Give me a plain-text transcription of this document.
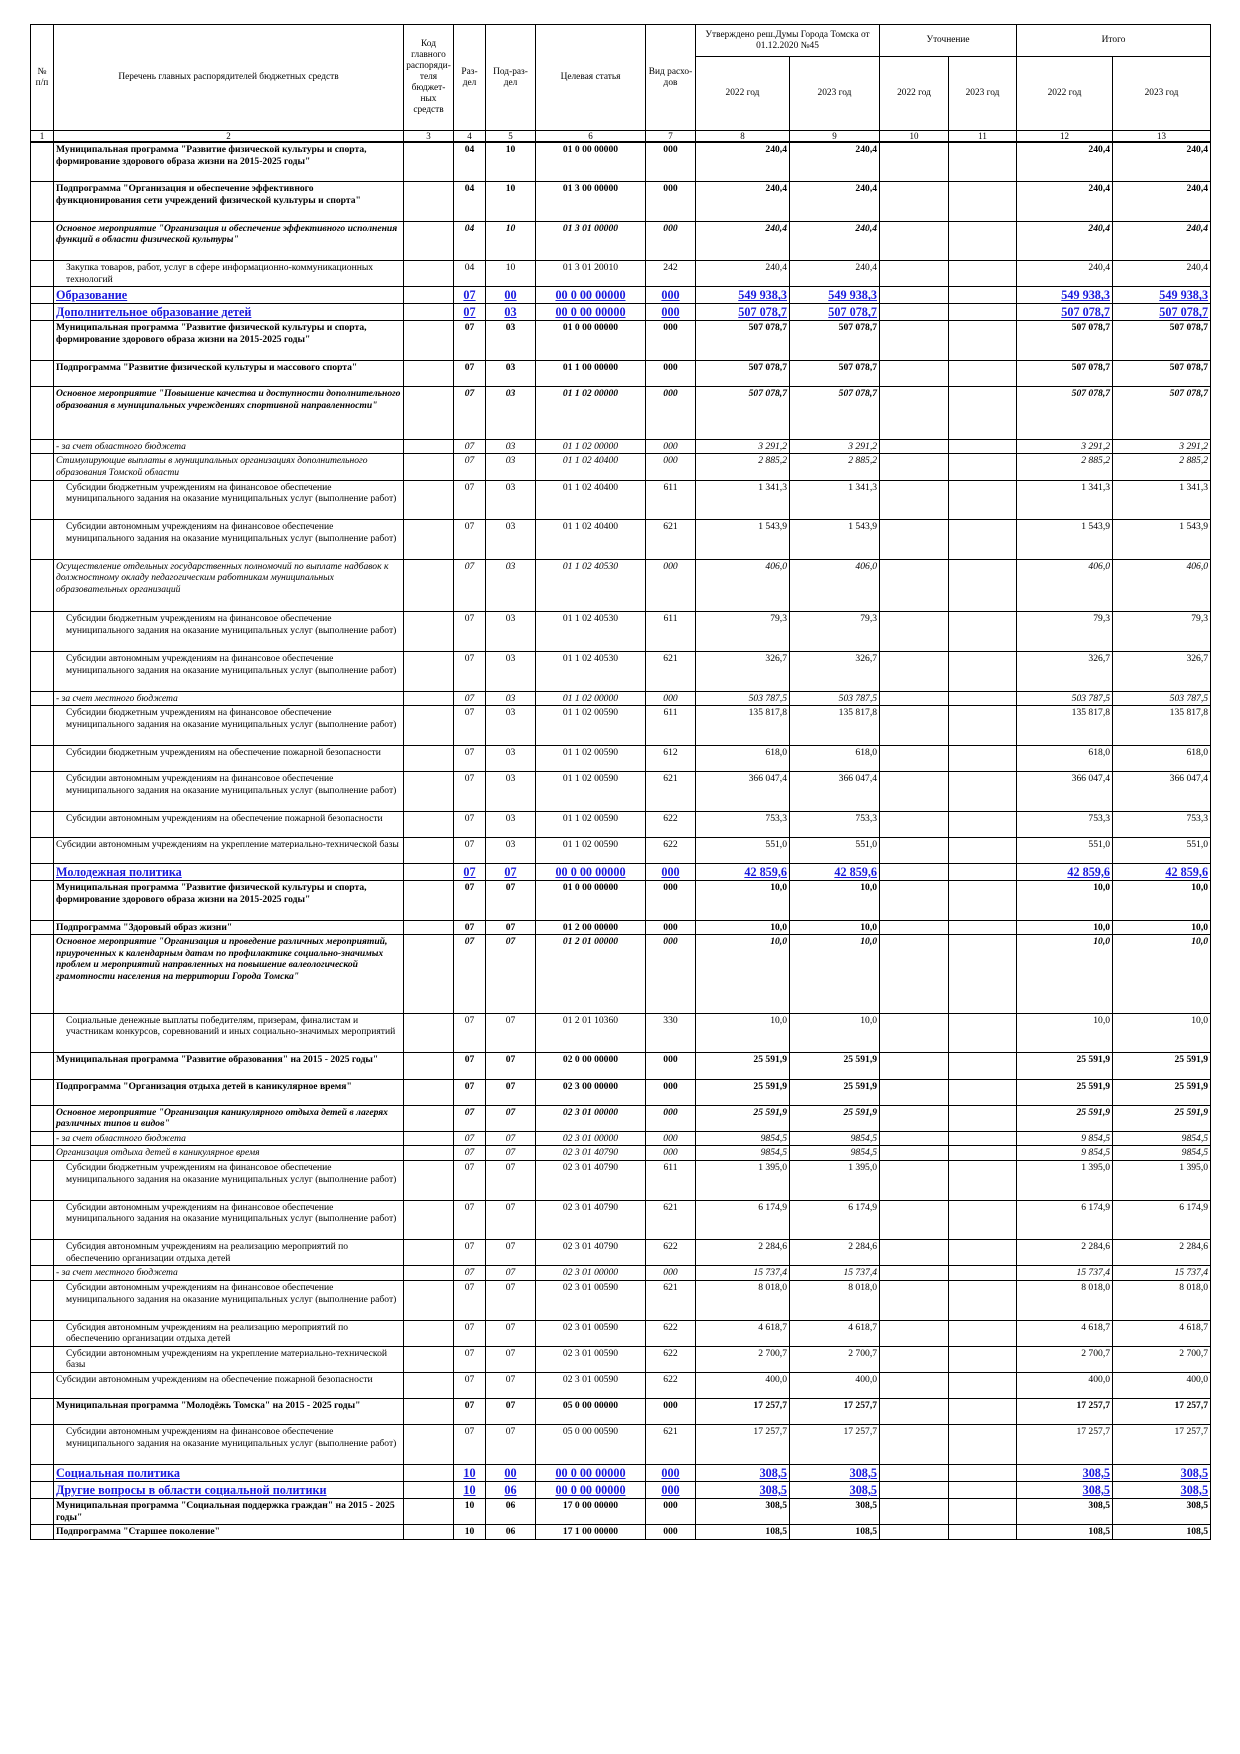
№ п/п	Перечень главных распорядителей бюджетных средств	Код главного распоряди-теля бюджет-ных средств	Раз-дел	Под-раз-дел	Целевая статья	Вид расхо-дов	Утверждено реш.Думы Города Томска от 01.12.2020 №45		Уточнение		Итого	
							2022 год	2023 год	2022 год	2023 год	2022 год	2023 год
1	2	3	4	5	6	7	8	9	10	11	12	13
	Муниципальная программа "Развитие физической культуры и спорта, формирование здорового образа жизни на 2015-2025 годы"		04	10	01 0 00 00000	000	240,4	240,4			240,4	240,4
	Подпрограмма "Организация и обеспечение эффективного функционирования сети учреждений физической культуры и спорта"		04	10	01 3 00 00000	000	240,4	240,4			240,4	240,4
	Основное мероприятие "Организация и обеспечение эффективного исполнения функций в области физической культуры"		04	10	01 3 01 00000	000	240,4	240,4			240,4	240,4
	Закупка товаров, работ, услуг в сфере информационно-коммуникационных технологий		04	10	01 3 01 20010	242	240,4	240,4			240,4	240,4
	Образование		07	00	00 0 00 00000	000	549 938,3	549 938,3			549 938,3	549 938,3
	Дополнительное образование детей		07	03	00 0 00 00000	000	507 078,7	507 078,7			507 078,7	507 078,7
	Муниципальная программа "Развитие физической культуры и спорта, формирование здорового образа жизни на 2015-2025 годы"		07	03	01 0 00 00000	000	507 078,7	507 078,7			507 078,7	507 078,7
	Подпрограмма "Развитие физической культуры и массового спорта"		07	03	01 1 00 00000	000	507 078,7	507 078,7			507 078,7	507 078,7
	Основное мероприятие "Повышение качества и доступности дополнительного образования в муниципальных учреждениях спортивной направленности"		07	03	01 1 02 00000	000	507 078,7	507 078,7			507 078,7	507 078,7
	- за счет областного бюджета		07	03	01 1 02 00000	000	3 291,2	3 291,2			3 291,2	3 291,2
	Стимулирующие выплаты в муниципальных организациях дополнительного образования Томской области		07	03	01 1 02 40400	000	2 885,2	2 885,2			2 885,2	2 885,2
	Субсидии бюджетным учреждениям на финансовое обеспечение муниципального задания на оказание муниципальных услуг (выполнение работ)		07	03	01 1 02 40400	611	1 341,3	1 341,3			1 341,3	1 341,3
	Субсидии автономным учреждениям на финансовое обеспечение муниципального задания на оказание муниципальных услуг (выполнение работ)		07	03	01 1 02 40400	621	1 543,9	1 543,9			1 543,9	1 543,9
	Осуществление отдельных государственных полномочий по выплате надбавок к должностному окладу педагогическим работникам муниципальных образовательных организаций		07	03	01 1 02 40530	000	406,0	406,0			406,0	406,0
	Субсидии бюджетным учреждениям на финансовое обеспечение муниципального задания на оказание муниципальных услуг (выполнение работ)		07	03	01 1 02 40530	611	79,3	79,3			79,3	79,3
	Субсидии автономным учреждениям на финансовое обеспечение муниципального задания на оказание муниципальных услуг (выполнение работ)		07	03	01 1 02 40530	621	326,7	326,7			326,7	326,7
	- за счет местного бюджета		07	03	01 1 02 00000	000	503 787,5	503 787,5			503 787,5	503 787,5
	Субсидии бюджетным учреждениям на финансовое обеспечение муниципального задания на оказание муниципальных услуг (выполнение работ)		07	03	01 1 02 00590	611	135 817,8	135 817,8			135 817,8	135 817,8
	Субсидии бюджетным учреждениям на обеспечение пожарной безопасности		07	03	01 1 02 00590	612	618,0	618,0			618,0	618,0
	Субсидии автономным учреждениям на финансовое обеспечение муниципального задания на оказание муниципальных услуг (выполнение работ)		07	03	01 1 02 00590	621	366 047,4	366 047,4			366 047,4	366 047,4
	Субсидии автономным учреждениям на обеспечение пожарной безопасности		07	03	01 1 02 00590	622	753,3	753,3			753,3	753,3
	Субсидии автономным учреждениям на укрепление материально-технической базы		07	03	01 1 02 00590	622	551,0	551,0			551,0	551,0
	Молодежная политика		07	07	00 0 00 00000	000	42 859,6	42 859,6			42 859,6	42 859,6
	Муниципальная программа "Развитие физической культуры и спорта, формирование здорового образа жизни на 2015-2025 годы"		07	07	01 0 00 00000	000	10,0	10,0			10,0	10,0
	Подпрограмма "Здоровый образ жизни"		07	07	01 2 00 00000	000	10,0	10,0			10,0	10,0
	Основное мероприятие "Организация и проведение различных мероприятий, приуроченных к календарным датам по профилактике социально-значимых проблем и мероприятий направленных на повышение валеологической грамотности населения на территории Города Томска"		07	07	01 2 01 00000	000	10,0	10,0			10,0	10,0
	Социальные денежные выплаты победителям, призерам, финалистам и участникам конкурсов, соревнований и иных социально-значимых мероприятий		07	07	01 2 01 10360	330	10,0	10,0			10,0	10,0
	Муниципальная программа "Развитие образования" на 2015 - 2025 годы"		07	07	02 0 00 00000	000	25 591,9	25 591,9			25 591,9	25 591,9
	Подпрограмма "Организация отдыха детей в каникулярное время"		07	07	02 3 00 00000	000	25 591,9	25 591,9			25 591,9	25 591,9
	Основное мероприятие "Организация каникулярного отдыха детей в лагерях различных типов и видов"		07	07	02 3 01 00000	000	25 591,9	25 591,9			25 591,9	25 591,9
	- за счет областного бюджета		07	07	02 3 01 00000	000	9854,5	9854,5			9 854,5	9854,5
	Организация отдыха детей в каникулярное время		07	07	02 3 01 40790	000	9854,5	9854,5			9 854,5	9854,5
	Субсидии бюджетным учреждениям на финансовое обеспечение муниципального задания на оказание муниципальных услуг (выполнение работ)		07	07	02 3 01 40790	611	1 395,0	1 395,0			1 395,0	1 395,0
	Субсидии автономным учреждениям на финансовое обеспечение муниципального задания на оказание муниципальных услуг (выполнение работ)		07	07	02 3 01 40790	621	6 174,9	6 174,9			6 174,9	6 174,9
	Субсидия автономным учреждениям на реализацию мероприятий по обеспечению организации отдыха детей		07	07	02 3 01 40790	622	2 284,6	2 284,6			2 284,6	2 284,6
	- за счет местного бюджета		07	07	02 3 01 00000	000	15 737,4	15 737,4			15 737,4	15 737,4
	Субсидии автономным учреждениям на финансовое обеспечение муниципального задания на оказание муниципальных услуг (выполнение работ)		07	07	02 3 01 00590	621	8 018,0	8 018,0			8 018,0	8 018,0
	Субсидия автономным учреждениям на реализацию мероприятий по обеспечению организации отдыха детей		07	07	02 3 01 00590	622	4 618,7	4 618,7			4 618,7	4 618,7
	Субсидии автономным учреждениям на укрепление материально-технической базы		07	07	02 3 01 00590	622	2 700,7	2 700,7			2 700,7	2 700,7
	Субсидии автономным учреждениям на обеспечение пожарной безопасности		07	07	02 3 01 00590	622	400,0	400,0			400,0	400,0
	Муниципальная программа "Молодёжь Томска" на 2015 - 2025 годы"		07	07	05 0 00 00000	000	17 257,7	17 257,7			17 257,7	17 257,7
	Субсидии автономным учреждениям на финансовое обеспечение муниципального задания на оказание муниципальных услуг (выполнение работ)		07	07	05 0 00 00590	621	17 257,7	17 257,7			17 257,7	17 257,7
	Социальная политика		10	00	00 0 00 00000	000	308,5	308,5			308,5	308,5
	Другие вопросы в области социальной политики		10	06	00 0 00 00000	000	308,5	308,5			308,5	308,5
	Муниципальная программа "Социальная поддержка граждан" на 2015 - 2025 годы"		10	06	17 0 00 00000	000	308,5	308,5			308,5	308,5
	Подпрограмма "Старшее поколение"		10	06	17 1 00 00000	000	108,5	108,5			108,5	108,5
